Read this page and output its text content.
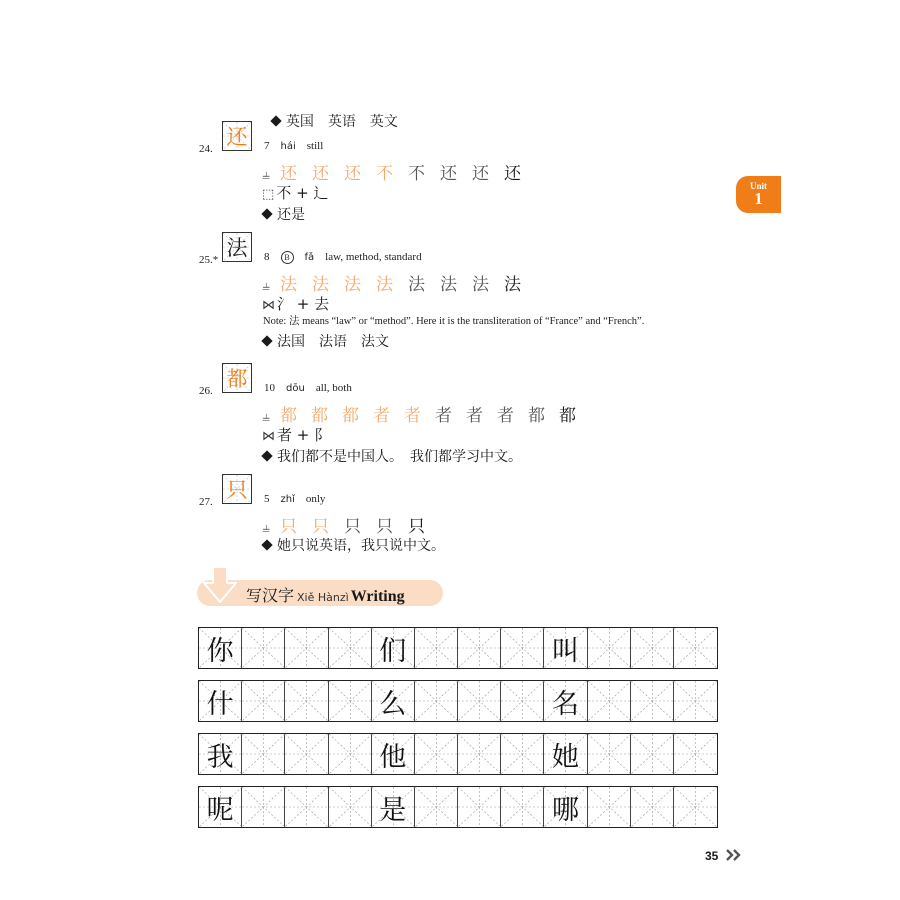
英国　英语　英文

Unit
1
24. 还	7 hái still
⫨ 还 还 还 不 不 还 还 还
⬚ 不 + 辶
还是
25.* 法	8 B fǎ law, method, standard
⫨ 法 法 法 法 法 法 法 法
⋈ 氵 + 去
Note: 法 means “law” or “method”. Here it is the transliteration of “France” and “French”.
法国　法语　法文
26. 都	10 dōu all, both
⫨ 都 都 都 者 者 者 者 者 都 都
⋈ 者 + 阝
我们都不是中国人。　我们都学习中文。
27. 只	5 zhǐ only
⫨ 只 只 只 只 只
她只说英语，我只说中文。
写汉字 Xiě Hànzì Writing
你	们	叫
什	么	名
我	他	她
呢	是	哪
35
